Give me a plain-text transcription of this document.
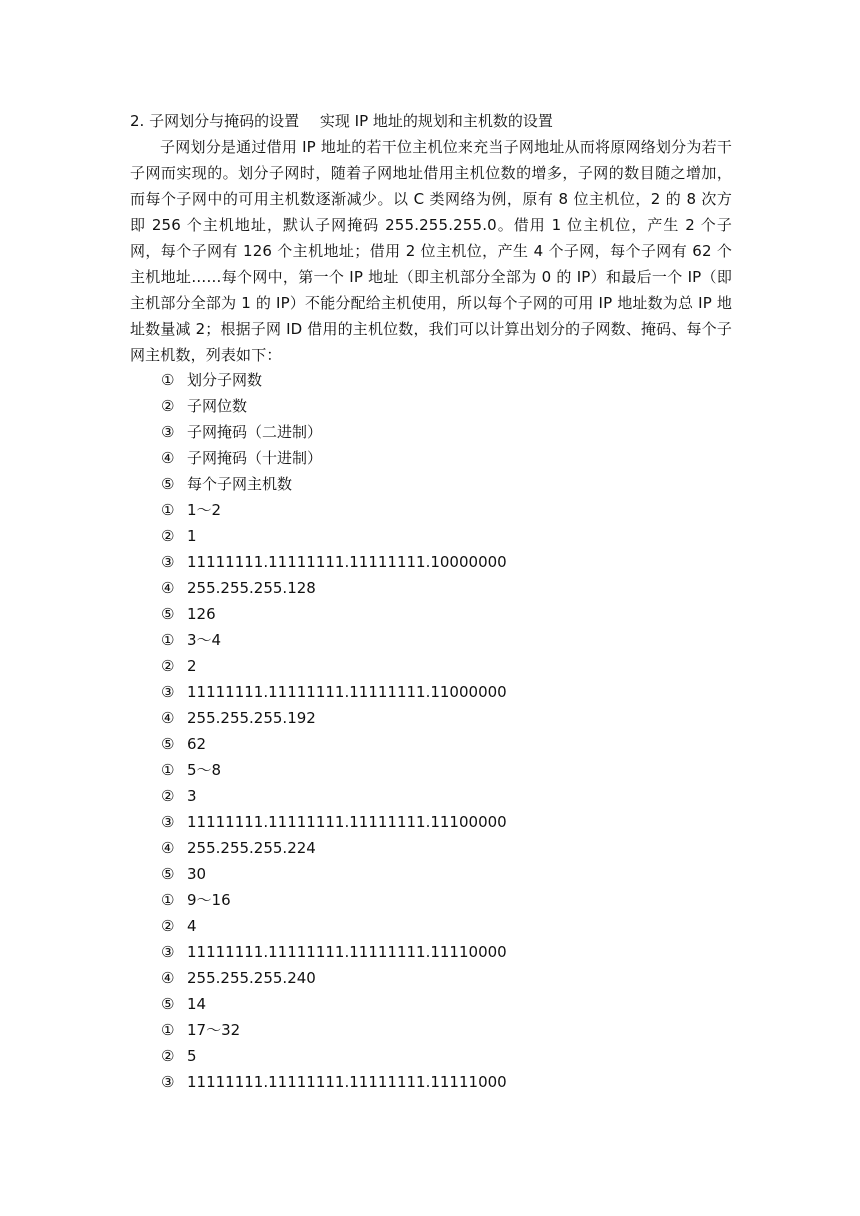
2. 子网划分与掩码的设置 实现 IP 地址的规划和主机数的设置
子网划分是通过借用 IP 地址的若干位主机位来充当子网地址从而将原网络划分为若干子网而实现的。划分子网时，随着子网地址借用主机位数的增多，子网的数目随之增加，而每个子网中的可用主机数逐渐减少。以 C 类网络为例，原有 8 位主机位，2 的 8 次方即 256 个主机地址，默认子网掩码 255.255.255.0。借用 1 位主机位，产生 2 个子网，每个子网有 126 个主机地址；借用 2 位主机位，产生 4 个子网，每个子网有 62 个主机地址……每个网中，第一个 IP 地址（即主机部分全部为 0 的 IP）和最后一个 IP（即主机部分全部为 1 的 IP）不能分配给主机使用，所以每个子网的可用 IP 地址数为总 IP 地址数量减 2；根据子网 ID 借用的主机位数，我们可以计算出划分的子网数、掩码、每个子网主机数，列表如下：
① 划分子网数
② 子网位数
③ 子网掩码（二进制）
④ 子网掩码（十进制）
⑤ 每个子网主机数
① 1～2
② 1
③ 11111111.11111111.11111111.10000000
④ 255.255.255.128
⑤ 126
① 3～4
② 2
③ 11111111.11111111.11111111.11000000
④ 255.255.255.192
⑤ 62
① 5～8
② 3
③ 11111111.11111111.11111111.11100000
④ 255.255.255.224
⑤ 30
① 9～16
② 4
③ 11111111.11111111.11111111.11110000
④ 255.255.255.240
⑤ 14
① 17～32
② 5
③ 11111111.11111111.11111111.11111000
